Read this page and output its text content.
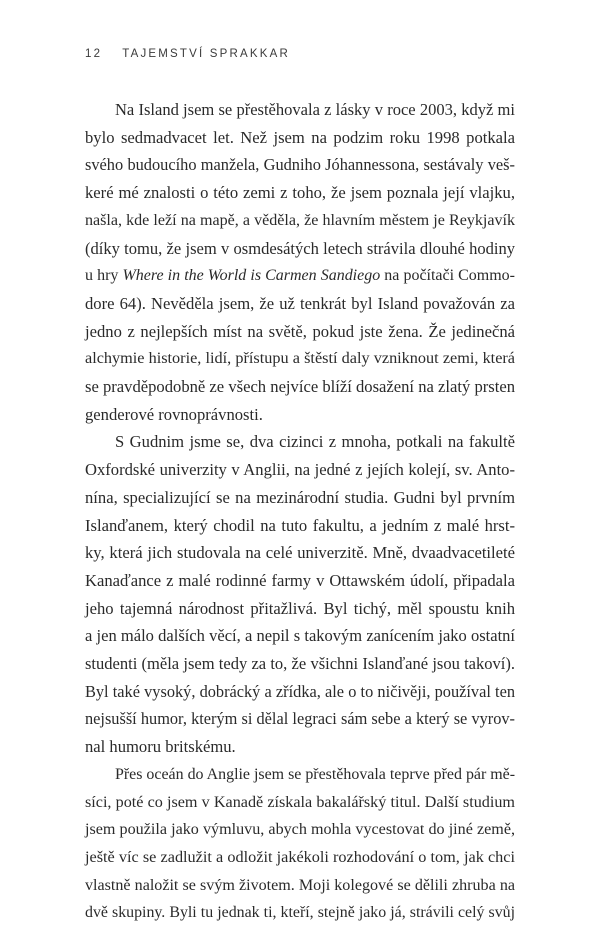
12 TAJEMSTVÍ SPRAKKAR
Na Island jsem se přestěhovala z lásky v roce 2003, když mi
bylo sedmadvacet let. Než jsem na podzim roku 1998 potkala
svého budoucího manžela, Gudniho Jóhannessona, sestávaly veš-
keré mé znalosti o této zemi z toho, že jsem poznala její vlajku,
našla, kde leží na mapě, a věděla, že hlavním městem je Reykjavík
(díky tomu, že jsem v osmdesátých letech strávila dlouhé hodiny
u hry Where in the World is Carmen Sandiego na počítači Commo-
dore 64). Nevěděla jsem, že už tenkrát byl Island považován za
jedno z nejlepších míst na světě, pokud jste žena. Že jedinečná
alchymie historie, lidí, přístupu a štěstí daly vzniknout zemi, která
se pravděpodobně ze všech nejvíce blíží dosažení na zlatý prsten
genderové rovnoprávnosti.
S Gudnim jsme se, dva cizinci z mnoha, potkali na fakultě
Oxfordské univerzity v Anglii, na jedné z jejích kolejí, sv. Anto-
nína, specializující se na mezinárodní studia. Gudni byl prvním
Islanďanem, který chodil na tuto fakultu, a jedním z malé hrst-
ky, která jich studovala na celé univerzitě. Mně, dvaadvacetileté
Kanaďance z malé rodinné farmy v Ottawském údolí, připadala
jeho tajemná národnost přitažlivá. Byl tichý, měl spoustu knih
a jen málo dalších věcí, a nepil s takovým zanícením jako ostatní
studenti (měla jsem tedy za to, že všichni Islanďané jsou takoví).
Byl také vysoký, dobrácký a zřídka, ale o to ničivěji, používal ten
nejsušší humor, kterým si dělal legraci sám sebe a který se vyrov-
nal humoru britskému.
Přes oceán do Anglie jsem se přestěhovala teprve před pár mě-
síci, poté co jsem v Kanadě získala bakalářský titul. Další studium
jsem použila jako výmluvu, abych mohla vycestovat do jiné země,
ještě víc se zadlužit a odložit jakékoli rozhodování o tom, jak chci
vlastně naložit se svým životem. Moji kolegové se dělili zhruba na
dvě skupiny. Byli tu jednak ti, kteří, stejně jako já, strávili celý svůj
